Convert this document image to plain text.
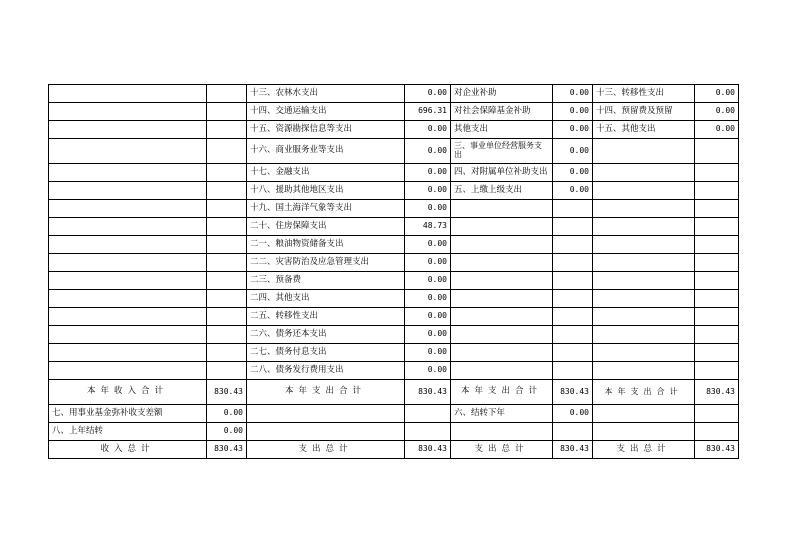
		十三、农林水支出	0.00	对企业补助	0.00	十三、转移性支出	0.00
		十四、交通运输支出	696.31	对社会保障基金补助	0.00	十四、预留费及预留	0.00
		十五、资源勘探信息等支出	0.00	其他支出	0.00	十五、其他支出	0.00
		十六、商业服务业等支出	0.00	三、事业单位经营服务支出	0.00		
		十七、金融支出	0.00	四、对附属单位补助支出	0.00		
		十八、援助其他地区支出	0.00	五、上缴上级支出	0.00		
		十九、国土海洋气象等支出	0.00				
		二十、住房保障支出	48.73				
		二一、粮油物资储备支出	0.00				
		二二、灾害防治及应急管理支出	0.00				
		二三、预备费	0.00				
		二四、其他支出	0.00				
		二五、转移性支出	0.00				
		二六、债务还本支出	0.00				
		二七、债务付息支出	0.00				
		二八、债务发行费用支出	0.00				
本年收入合计	830.43	本年支出合计	830.43	本年支出合计	830.43	本年支出合计	830.43
七、用事业基金弥补收支差额	0.00			六、结转下年	0.00		
八、上年结转	0.00						
收入总计	830.43	支出总计	830.43	支出总计	830.43	支出总计	830.43
